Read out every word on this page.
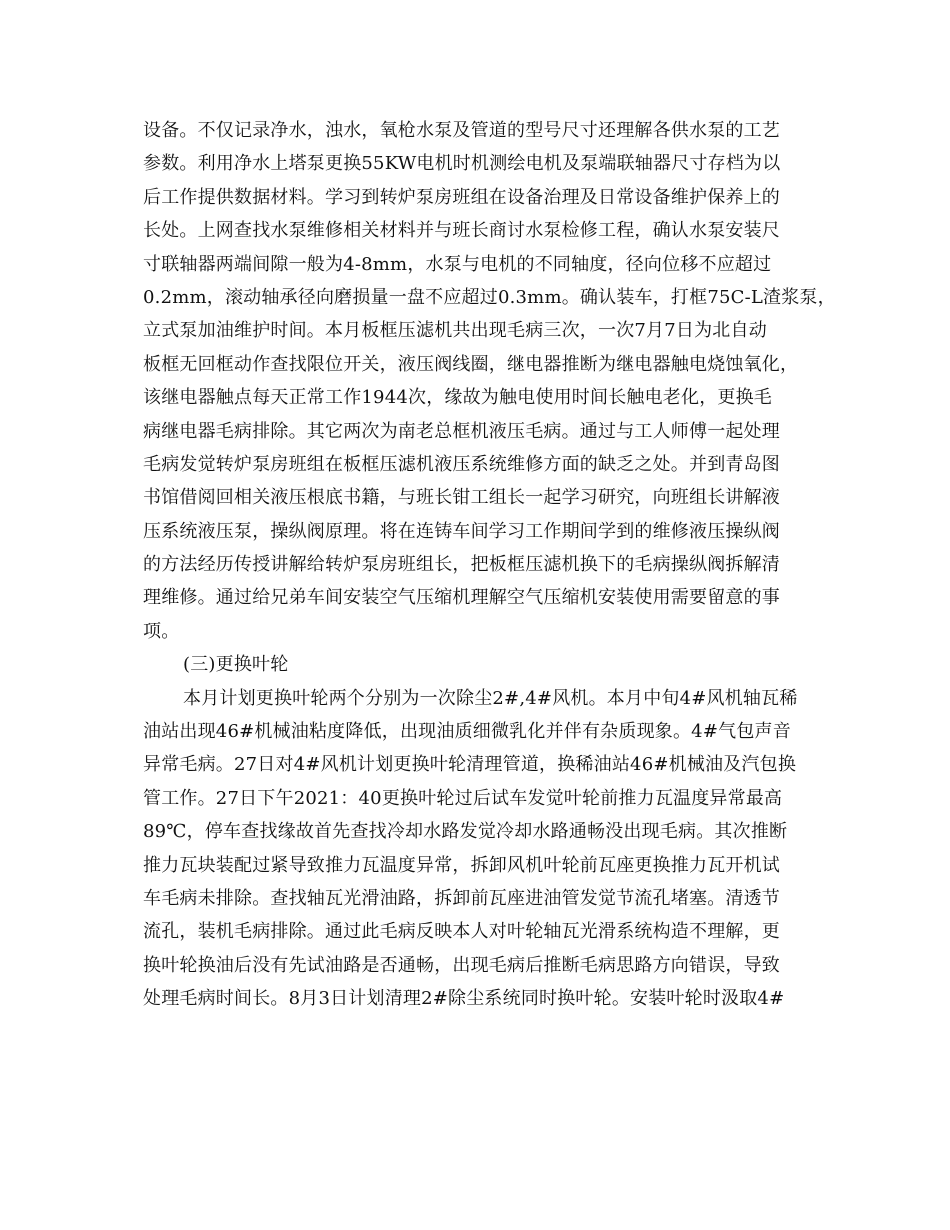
设备。不仅记录净水，浊水，氧枪水泵及管道的型号尺寸还理解各供水泵的工艺
参数。利用净水上塔泵更换55KW电机时机测绘电机及泵端联轴器尺寸存档为以
后工作提供数据材料。学习到转炉泵房班组在设备治理及日常设备维护保养上的
长处。上网查找水泵维修相关材料并与班长商讨水泵检修工程，确认水泵安装尺
寸联轴器两端间隙一般为4-8mm，水泵与电机的不同轴度，径向位移不应超过
0.2mm，滚动轴承径向磨损量一盘不应超过0.3mm。确认装车，打框75C-L渣浆泵，
立式泵加油维护时间。本月板框压滤机共出现毛病三次，一次7月7日为北自动
板框无回框动作查找限位开关，液压阀线圈，继电器推断为继电器触电烧蚀氧化，
该继电器触点每天正常工作1944次，缘故为触电使用时间长触电老化，更换毛
病继电器毛病排除。其它两次为南老总框机液压毛病。通过与工人师傅一起处理
毛病发觉转炉泵房班组在板框压滤机液压系统维修方面的缺乏之处。并到青岛图
书馆借阅回相关液压根底书籍，与班长钳工组长一起学习研究，向班组长讲解液
压系统液压泵，操纵阀原理。将在连铸车间学习工作期间学到的维修液压操纵阀
的方法经历传授讲解给转炉泵房班组长，把板框压滤机换下的毛病操纵阀拆解清
理维修。通过给兄弟车间安装空气压缩机理解空气压缩机安装使用需要留意的事
项。
(三)更换叶轮
本月计划更换叶轮两个分别为一次除尘2#,4#风机。本月中旬4#风机轴瓦稀
油站出现46#机械油粘度降低，出现油质细微乳化并伴有杂质现象。4#气包声音
异常毛病。27日对4#风机计划更换叶轮清理管道，换稀油站46#机械油及汽包换
管工作。27日下午2021：40更换叶轮过后试车发觉叶轮前推力瓦温度异常最高
89℃，停车查找缘故首先查找冷却水路发觉冷却水路通畅没出现毛病。其次推断
推力瓦块装配过紧导致推力瓦温度异常，拆卸风机叶轮前瓦座更换推力瓦开机试
车毛病未排除。查找轴瓦光滑油路，拆卸前瓦座进油管发觉节流孔堵塞。清透节
流孔，装机毛病排除。通过此毛病反映本人对叶轮轴瓦光滑系统构造不理解，更
换叶轮换油后没有先试油路是否通畅，出现毛病后推断毛病思路方向错误，导致
处理毛病时间长。8月3日计划清理2#除尘系统同时换叶轮。安装叶轮时汲取4#
